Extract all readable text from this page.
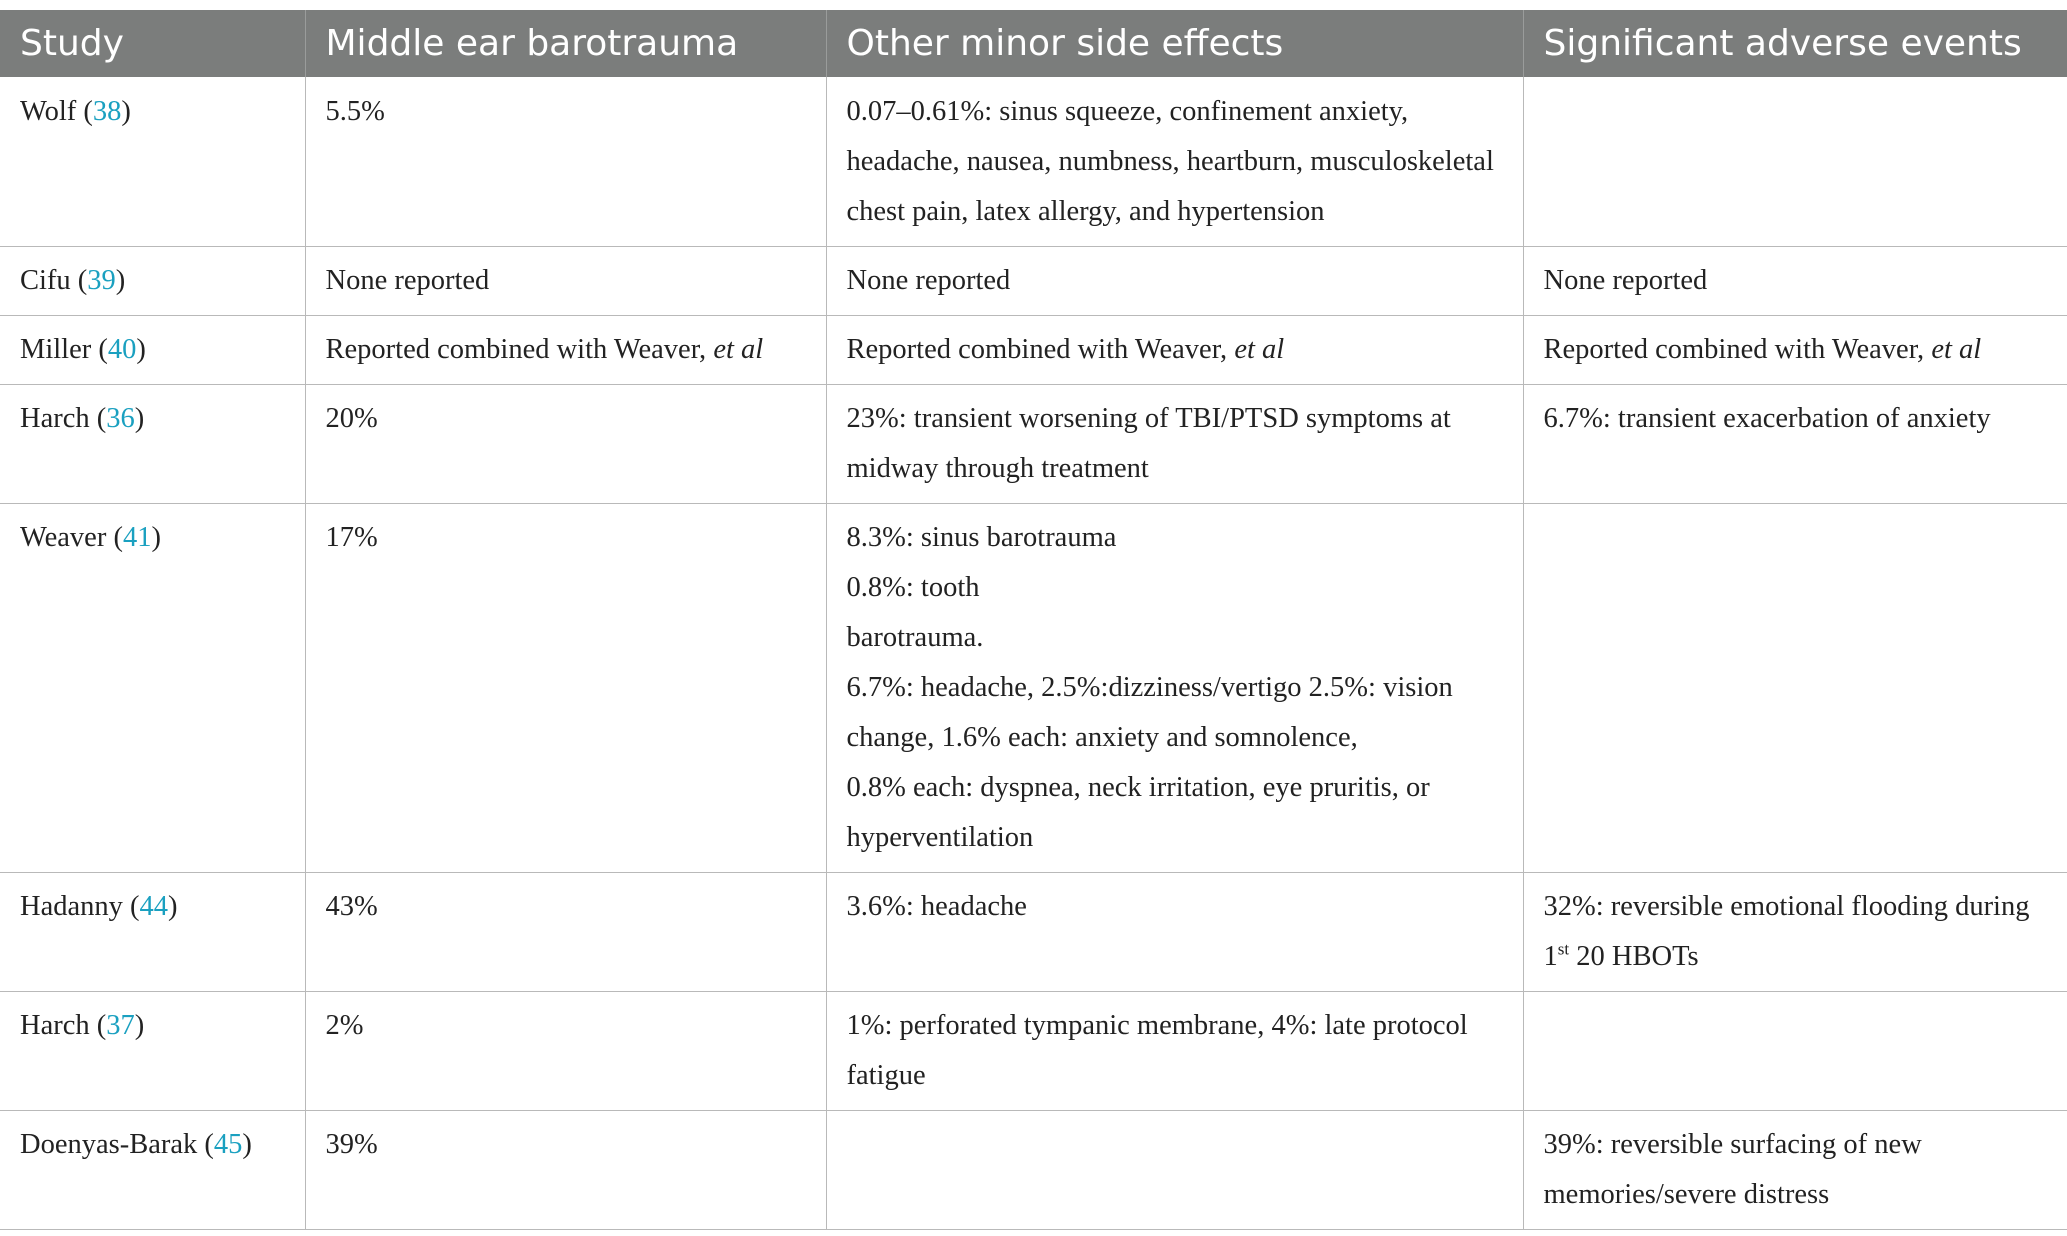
Study	Middle ear barotrauma	Other minor side effects	Significant adverse events
Wolf (38)	5.5%	0.07–0.61%: sinus squeeze, confinement anxiety, headache, nausea, numbness, heartburn, musculoskeletal chest pain, latex allergy, and hypertension	

Cifu (39)	None reported	None reported	None reported
Miller (40)	Reported combined with Weaver, et al	Reported combined with Weaver, et al	Reported combined with Weaver, et al
Harch (36)	20%	23%: transient worsening of TBI/PTSD symptoms at midway through treatment	6.7%: transient exacerbation of anxiety
Weaver (41)	17%	8.3%: sinus barotrauma
0.8%: tooth
barotrauma.
6.7%: headache, 2.5%:dizziness/vertigo 2.5%: vision change, 1.6% each: anxiety and somnolence,
0.8% each: dyspnea, neck irritation, eye pruritis, or hyperventilation	

Hadanny (44)	43%	3.6%: headache	32%: reversible emotional flooding during 1st 20 HBOTs
Harch (37)	2%	1%: perforated tympanic membrane, 4%: late protocol fatigue	

Doenyas-Barak (45)	39%		39%: reversible surfacing of new memories/severe distress
